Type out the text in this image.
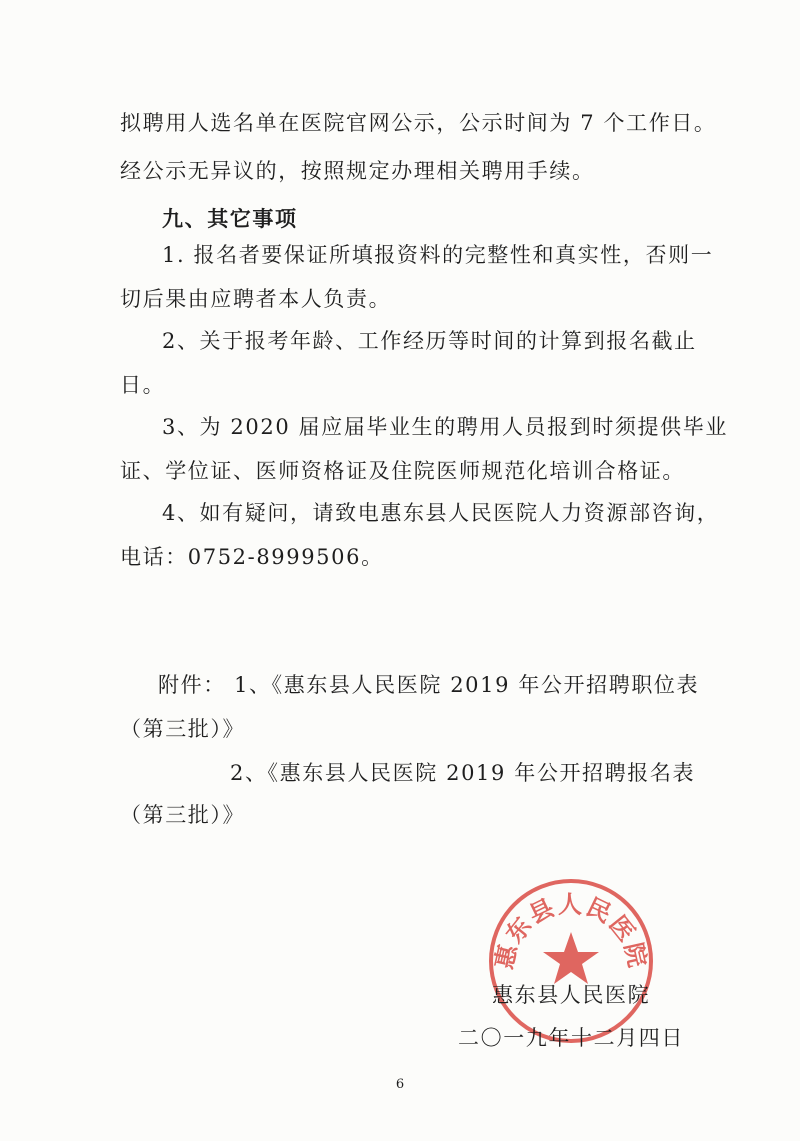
拟聘用人选名单在医院官网公示，公示时间为 7 个工作日。
经公示无异议的，按照规定办理相关聘用手续。
九、其它事项
1. 报名者要保证所填报资料的完整性和真实性，否则一
切后果由应聘者本人负责。
2、关于报考年龄、工作经历等时间的计算到报名截止
日。
3、为 2020 届应届毕业生的聘用人员报到时须提供毕业
证、学位证、医师资格证及住院医师规范化培训合格证。
4、如有疑问，请致电惠东县人民医院人力资源部咨询，
电话：0752-8999506。
附件： 1、《惠东县人民医院 2019 年公开招聘职位表
（第三批）》
2、《惠东县人民医院 2019 年公开招聘报名表
（第三批）》
惠东县人民医院
惠东县人民医院
二〇一九年十二月四日
6
